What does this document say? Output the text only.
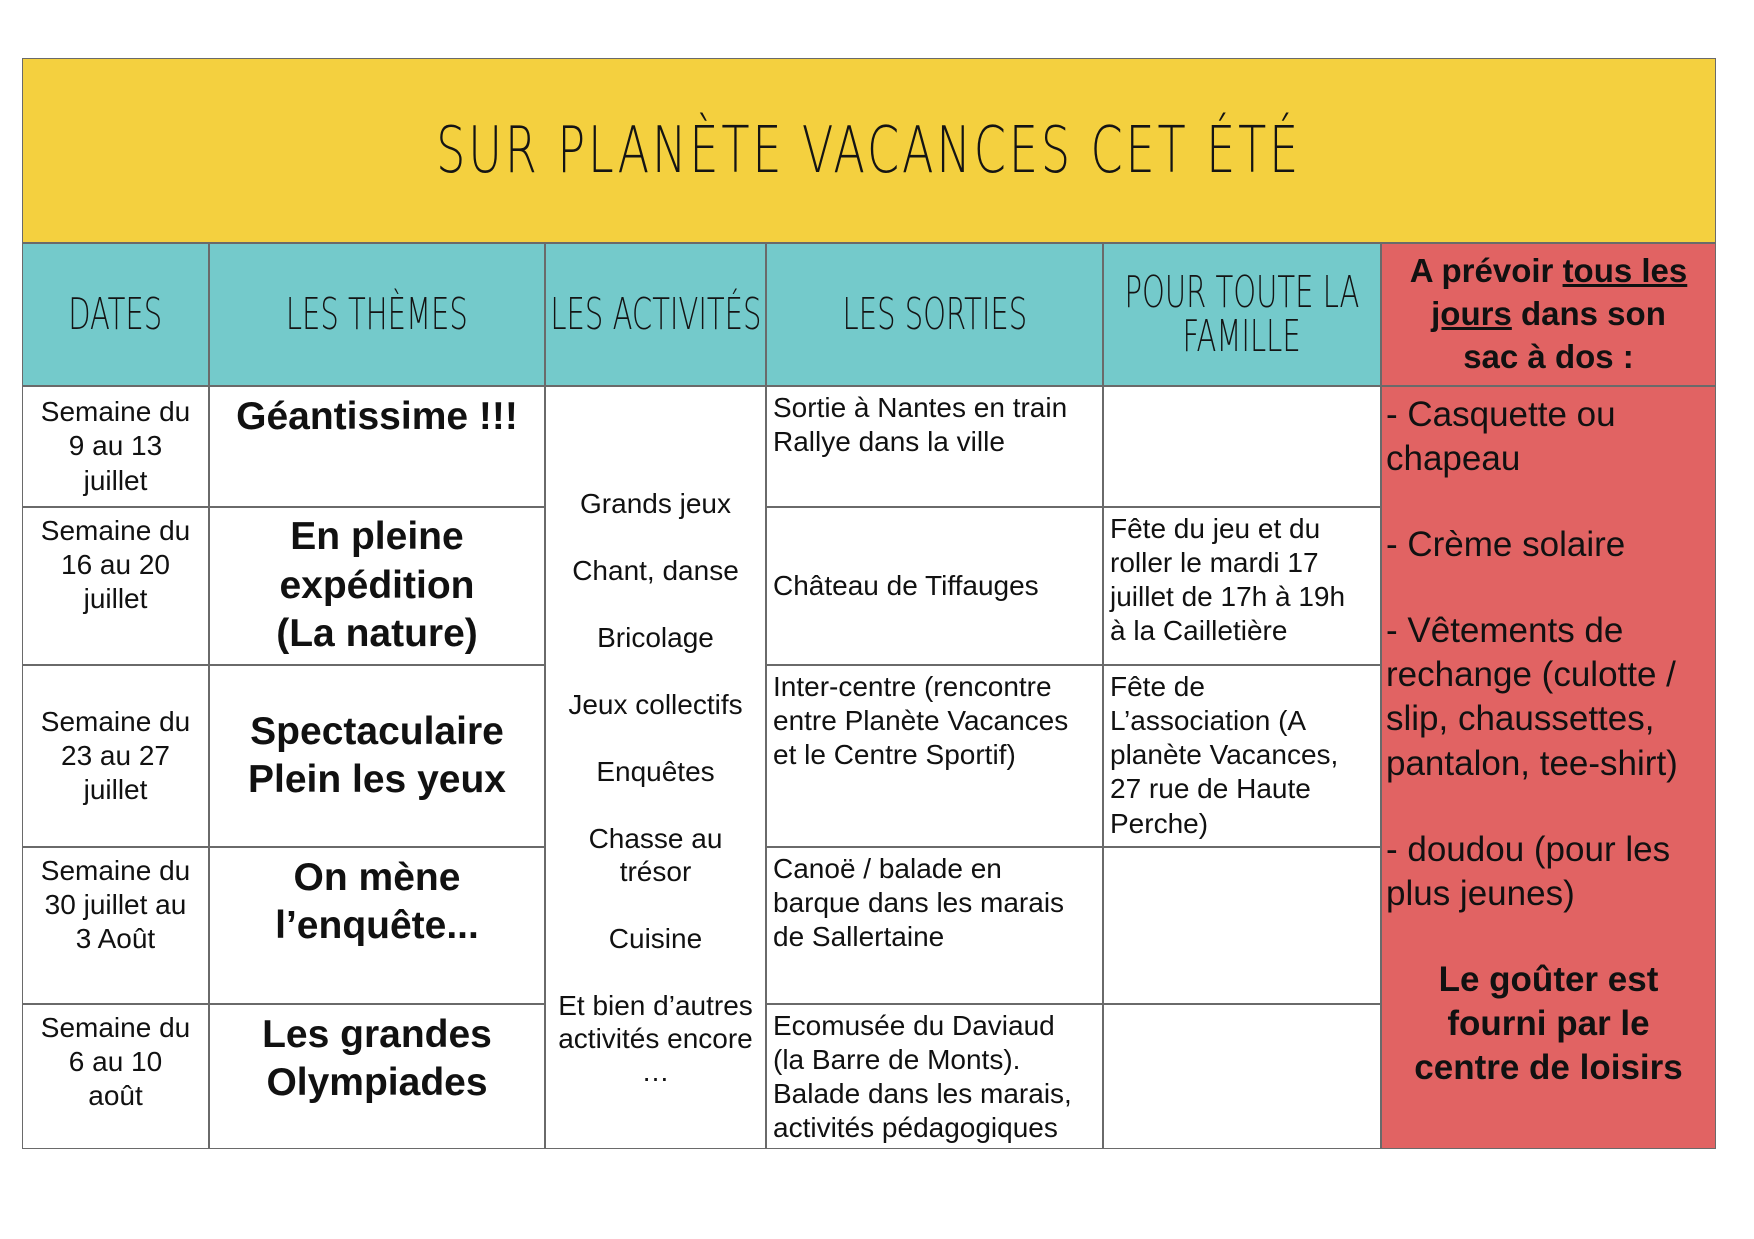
SUR PLANÈTE VACANCES CET ÉTÉ
DATES	LES THÈMES LES ACTIVITÉS LES SORTIES POUR TOUTE LA
FAMILLE
A prévoir tous les
jours dans son
sac à dos :
Semaine du
9 au 13
juillet
Géantissime !!!	Sortie à Nantes en train
Rallye dans la ville
Semaine du
16 au 20
juillet
En pleine
expédition
(La nature)
Château de Tiffauges
Fête du jeu et du
roller le mardi 17
juillet de 17h à 19h
à la Cailletière
Semaine du
23 au 27
juillet
Spectaculaire
Plein les yeux
Inter-centre (rencontre
entre Planète Vacances
et le Centre Sportif)
Fête de
L’association (A
planète Vacances,
27 rue de Haute
Perche)
Semaine du
30 juillet au
3 Août
On mène
l’enquête...
Canoë / balade en
barque dans les marais
de Sallertaine
Semaine du
6 au 10
août
Les grandes
Olympiades
Ecomusée du Daviaud
(la Barre de Monts).
Balade dans les marais,
activités pédagogiques
Grands jeux
Chant, danse
Bricolage
Jeux collectifs
Enquêtes
Chasse au
trésor
Cuisine
Et bien d’autres
activités encore
…
- Casquette ou
chapeau
- Crème solaire
- Vêtements de
rechange (culotte /
slip, chaussettes,
pantalon, tee-shirt)
- doudou (pour les
plus jeunes)
Le goûter est
fourni par le
centre de loisirs
